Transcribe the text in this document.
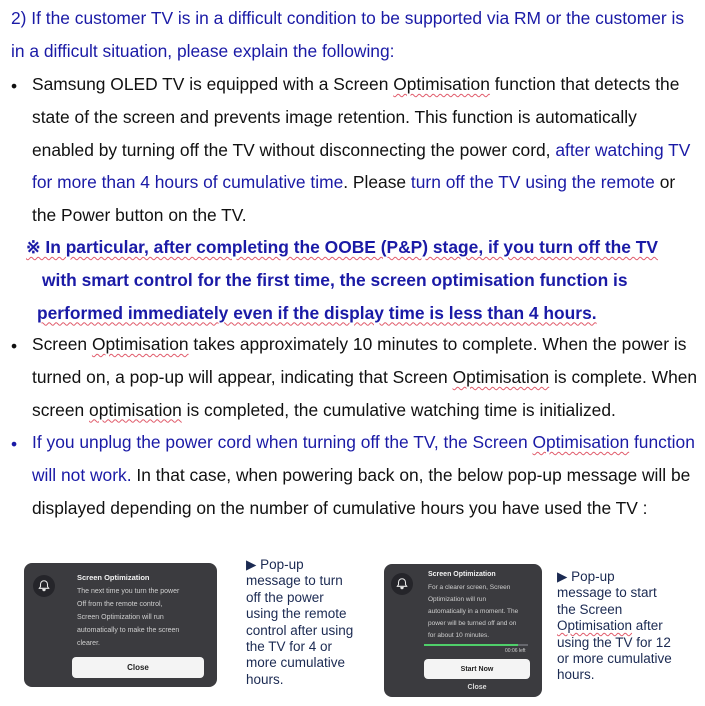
2) If the customer TV is in a difficult condition to be supported via RM or the customer is in a difficult situation, please explain the following:
• Samsung OLED TV is equipped with a Screen Optimisation function that detects the state of the screen and prevents image retention. This function is automatically enabled by turning off the TV without disconnecting the power cord, after watching TV for more than 4 hours of cumulative time. Please turn off the TV using the remote or the Power button on the TV.
※ In particular, after completing the OOBE (P&P) stage, if you turn off the TV
with smart control for the first time, the screen optimisation function is
performed immediately even if the display time is less than 4 hours.
• Screen Optimisation takes approximately 10 minutes to complete. When the power is turned on, a pop-up will appear, indicating that Screen Optimisation is complete. When screen optimisation is completed, the cumulative watching time is initialized.
• If you unplug the power cord when turning off the TV, the Screen Optimisation function will not work. In that case, when powering back on, the below pop-up message will be displayed depending on the number of cumulative hours you have used the TV :
Screen Optimization
The next time you turn the power
Off from the remote control,
Screen Optimization will run
automatically to make the screen
clearer.
Close
▶ Pop-up
message to turn
off the power
using the remote
control after using
the TV for 4 or
more cumulative
hours.
Screen Optimization
For a clearer screen, Screen
Optimization will run
automatically in a moment. The
power will be turned off and on
for about 10 minutes.
00:06 left
Start Now
Close
▶ Pop-up
message to start
the Screen
Optimisation after
using the TV for 12
or more cumulative
hours.
